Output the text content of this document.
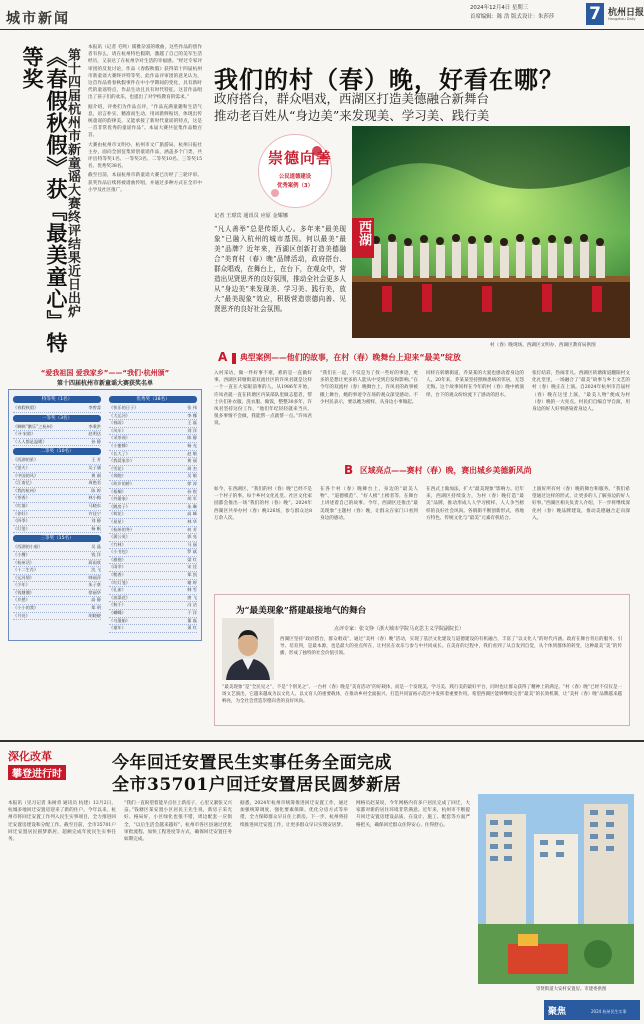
城市新闻
2024年12月4日 星期三
首席编辑：陈 浩 版式设计：朱莎莎 7 杭州日报
Hangzhou Daily
第十四届杭州市新童谣大赛终评结果近日出炉
《春假秋假》获『最美童心』特等奖	本报讯（记者 毛鸣）儒雅杂富的歌曲，这些作品的创作者有你么，请在杭州特色假期，激越了自己的美军生活经历，又表达了在杭州孕对生活的幸福感。“经过专家评审团的反复讨论，作品《春假秋假》获得第十四届杭州市新童谣大赛终评特等奖，此作品评审团的意见认为，这首作品将春秋假事件在中小学期间的变化，具有新时代的童谣特点，作品生动且具有时代特征。这首作品唱出了孩子们的欢乐，也提出了对学校教育的需求。”

据介绍，评委们为作品点评，“作品充满童趣和生活气息，语言朴实、精准而生动，用词新鲜贴切，体现出传统童谣的韵律美，又能承接了新时代童谣的特点，这是一首非常优秀的童谣作品”。本届大赛共征集作品数百首。

大赛由杭州市文明办、杭州市文广旅游局、杭州日报社主办，面向全国征集原创童谣作品，涵盖多个门类，共评出特等奖1名、一等奖3名、二等奖10名、三等奖15名、优秀奖38名。

截至目前，本届杭州市新童谣大赛已历经了三轮评审。获奖作品后续将被谱曲传唱，并通过多种方式在全市中小学及社区推广。

“爱我祖国 爱我家乡”——“我们·杭州颁”
第十四届杭州市新童谣大赛获奖名单
特等奖（1名）
《春假秋假》	李曾睿
一等奖（3名）
《啊啊“鹅乐”之杭州》	李秉洪
《寻·宋韵》	赵明达
《人人都是温暖》	孙 静
二等奖（10名）
《西湖的景》	王 芳
《萤火》	吴子涵
《中国的风》	黄 刚
《江南忆》	周艳君
《我的杭州》	陈 婷
《茶香》	林小梅
《红墙》	马晓东
《你好》	许佳宁
《四季》	刘 静
《灯笼》	杨 帆
三等奖（15名）
《西湖的小船》	吴 晶
《小鹰》	钱 洋
《杭州话》	蒋雨欣
《十二生肖》	沈 飞
《运河情》	韩丽萍
《少年》	朱子豪
《钱塘潮》	徐丽华
《乡愁》	高 静
《小小的我》	郑 明
《月亮》	胡晓晓
优秀奖（38名）
《快乐的日子》	张 伟
《大运河》	李 娜
《春雨》	王 磊
《风车》	刘 洋
《采茶谣》	陈 静
《小蜜蜂》	杨 光
《长大了》	赵 敏
《我爱家乡》	黄 丽
《雪花》	周 杰
《奔跑》	吴 敏
《故乡的桥》	徐 涛
《梧桐》	孙 悦
《外婆家》	胡 军
《跳房子》	朱 琳
《荷花》	高 峰
《星星》	林 华
《杭州的冬》	何 芳
《蒲公英》	郭 亮
《竹林》	马 丽
《小书包》	罗 斌
《旗袍》	梁 红
《雨伞》	宋 佳
《稻香》	郑 凯
《红灯笼》	谢 婷
《孔雀》	韩 雪
《油菜花》	唐 飞
《秋千》	冯 洁
《蝴蝶》	于 洋
《乌篷船》	董 磊
《童年》	萧 红
我们的村（春）晚，好看在哪？
政府搭台，群众唱戏，西湖区打造美德融合新舞台
推动老百姓从“身边美”来发现美、学习美、践行美
崇德向善
公民道德建设
优秀案例（3）
记者 王璟宾 通讯员 应原 金耀娜
“凡人善举”总是传颂人心。多年来“最美现象”已融入杭州的城市基因。何以最美“最美”品牌？近年来，西湖区创新打造美德融合“美育村（春）晚”品牌活动，政府搭台、群众唱戏，在舞台上，在台下，在观众中，营造出见贤思齐的良好氛围，推动全社会更多人从“身边美”来发现美、学习美、践行美，放大“最美现象”效应，积极营造崇德向善、见贤思齐的良好社会氛围。
西湖
村（春）晚现场。西湖区文明办、西湖区教育局供图
A 典型案例——他们的故事，在村（春）晚舞台上迎来“最美”绽放
入村采访，做一件好事不难，难的是一直做好事。西湖区转塘街道双流社区的许凤君就是这样一个一直在大家眼前事的人。从1986年开始，许凤君就一直在转塘区内某部队里做志愿者，帮士兵们补衣服、洗衣服、做饭，整整30多年，许凤君坚持这份工作。“他们年纪轻轻就来当兵，很多事情不会做，我能帮一点就帮一点。”许凤君说。
“我们在一起，不仅是为了找一些好的事迹，更多的是想让更多的人能从中受到启发和影响。”在今年的双流村（春）晚舞台上，许凤君的故事被搬上舞台，她的事迹令在场的观众深受感动。不少村民表示，要以她为榜样，从身边小事做起。
同样在转塘街道，乔某某的大爱也感动着身边的人。20年来，乔某某坚持照顾患病的邻居，无怨无悔。这个故事同样在今年的村（春）晚中被演绎，台下的观众纷纷流下了感动的泪水。
张灯结彩，热闹非凡。西湖区转塘街道翻阳村文化礼堂里，一场融合了“最美”故事与乡土文艺的村（春）晚正在上演。自2024年杭州市首届村（春）晚在这里上演，“最美人物”便成为村（春）晚的一大亮点。村民们自编自导自演，用身边的好人好事感染着身边人。
B 区域亮点——赛村（春）晚，赛出城乡美德新风尚
如今，在西湖区，“我们的村（春）晚”已经不是一个村子的事。每个乡村文化礼堂、社区文化家园都会推出一场“我们的村（春）晚”。2024年西湖区共举办村（春）晚126场，参与群众达8万余人次。
在各个村（春）晚舞台上，身边的“最美人物”、“道德模范”、“好人榜”上榜者等，在舞台上讲述着自己的故事。今年，西湖区还推出“最美现象”主题村（春）晚，让群众在家门口看到身边的感动。
在西式上做加法，扩大“最美现象”影响力。近年来，西湖区持续发力，为村（春）晚打造“最美”品牌，推动形成人人学习榜样、人人争当榜样的良好社会风尚。各镇街不断创新形式，将地方特色、传统文化与“最美”元素有机结合。
上演好所有村（春）晚的舞台和服务。“我们希望通过这样的形式，让更多的人了解身边的好人好事。”西湖区相关负责人介绍，下一步将继续深化村（春）晚品牌建设，推动美德融合走向深入。
为“最美现象”搭建最接地气的舞台
点评专家：张文铮（浙大城市学院马克思主义学院副院长）
西湖区坚持“政府搭台，群众唱戏”，通过“美村（春）晚”活动，实现了基层文化建设与道德建设的有机融合，丰富了“以文化人”的时代内涵。政府在舞台背后的服务、引导、培育到，是最本源，也是最大的亮点所在，让村民在欢乐与参与中共同成长。在美育的过程中，我们看到了从自发到自觉，从个体到群体的转变，这种最美“美”的传播，形成了独特的社会价值引领。
“最美现象”是“全民见之”，不是“个别见之”。一台村（春）晚是“美育活动”的好载体，而是一个发现美、学习美、践行美的最好平台，同时也让群众获得了精神上的满足。“村（春）晚”已经不仅仅是一场文艺演出，它越来越成为以文化人、以文育人的重要载体，在推动乡村全面振兴、打造共同富裕示范区中发挥着重要作用。希望西湖区能够继续完善“最美”的长效机制，让“美村（春）晚”品牌越来越响亮，为全社会营造崇德向善的良好风尚。
深化改革
攀登进行时
今年回迁安置民生实事任务全面完成
全市35701户回迁安置居民圆梦新居
本报讯（见习记者 朱树青 通讯员 杭建）12月2日，杭城多地回迁安置房迎来了新的住户。今年以来，杭州市将回迁安置工作列入民生实事项目，全力推进回迁安置房建设和分配工作。截至目前，全市35701户回迁安置居民圆梦新居，超额完成年度民生实事任务。
“我们一直盼望着能早点住上新房子，心里又紧张又兴奋。”钱塘区某安置小区居民王先生说，新房子采光好、格局好，小区绿化也很不错，周边配套一应俱全，“以后生活会越来越好”。杭州市各区县通过优化审批流程、加快工程进度等方式，确保回迁安置任务如期完成。
据悉，2024年杭州市统筹推进回迁安置工作，通过加强统筹调度、强化要素保障、优化分房方式等举措，全力保障群众早日住上新房。下一步，杭州将持续推进回迁安置工作，让更多群众早日实现安居梦。
网格员赵某说，今年网格内有多户居民完成了回迁，大家都对新的居住环境非常满意。近年来，杭州市不断提升回迁安置房建设品质，在设计、施工、配套等方面严格把关，确保回迁群众住得安心、住得舒心。
崇贤街道大安村安置房。市建委供图
聚焦	2024 杭州民生实事
